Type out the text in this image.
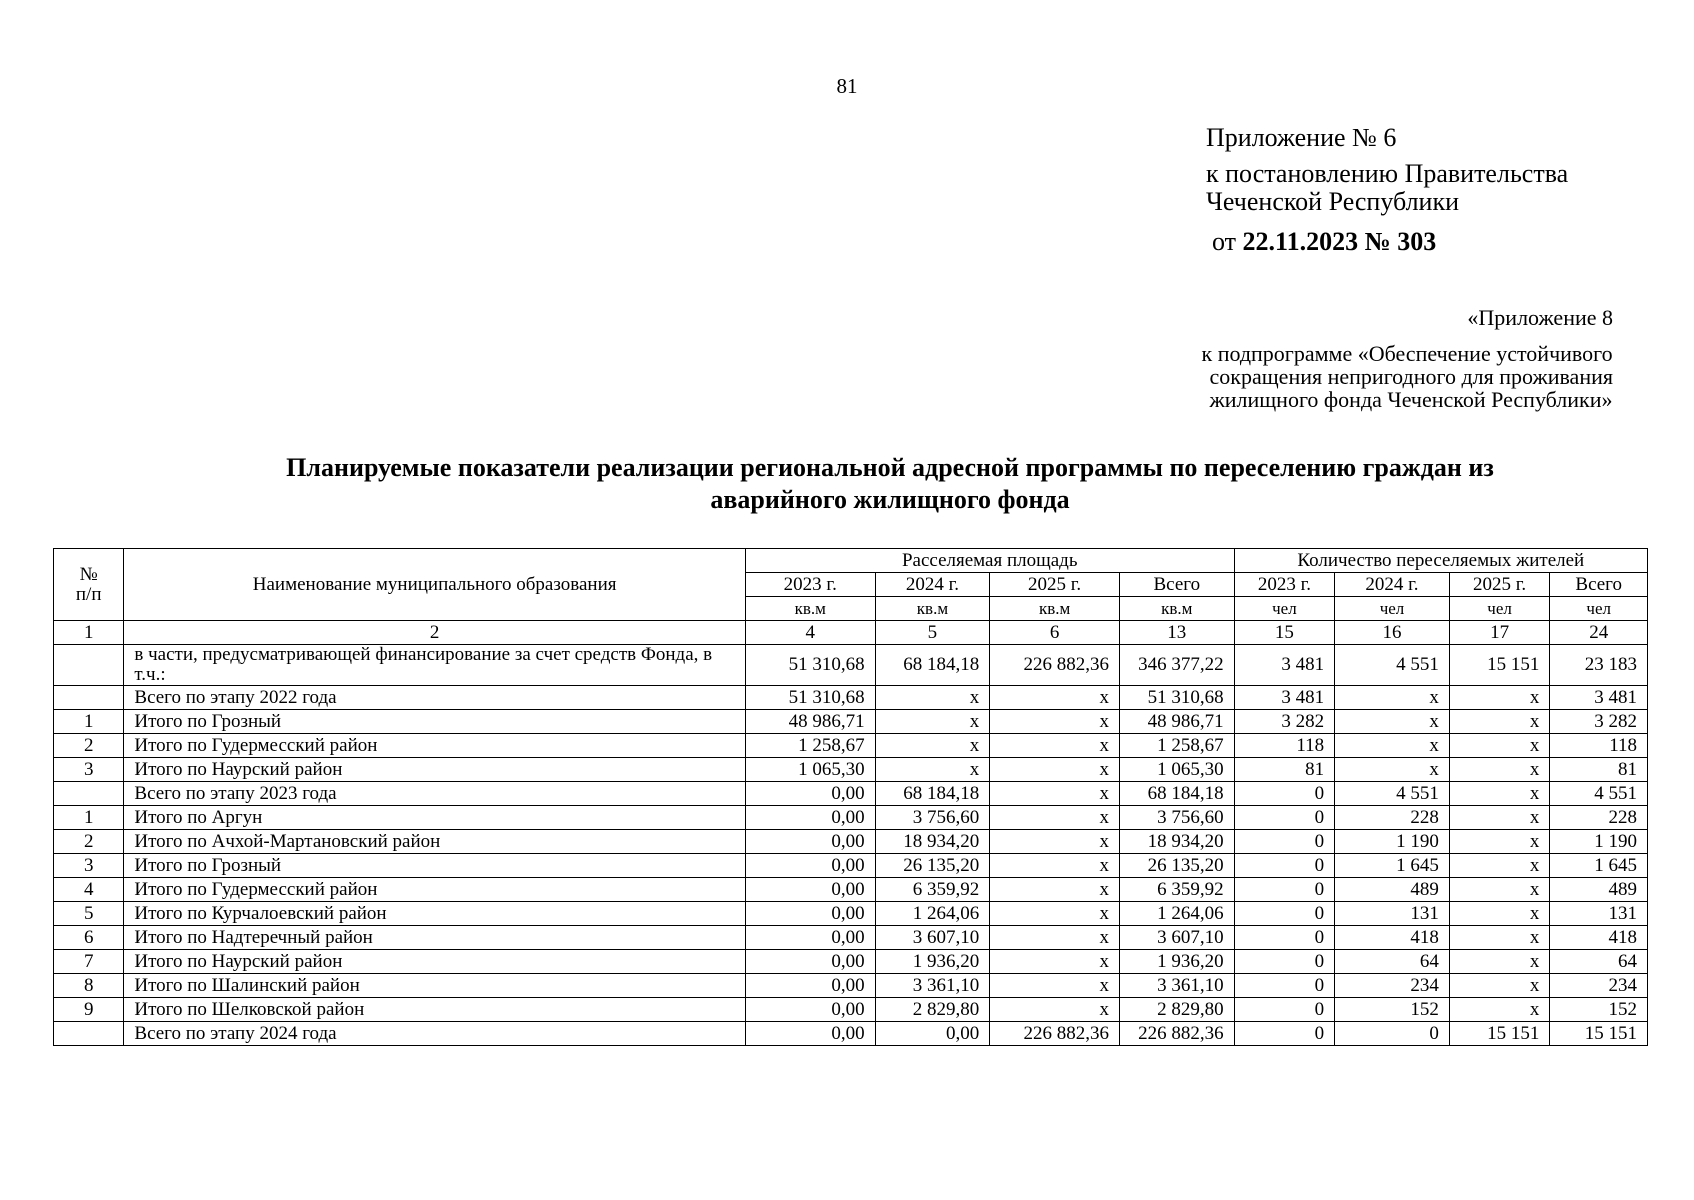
81
Приложение № 6
к постановлению Правительства
Чеченской Республики
от 22.11.2023 № 303
«Приложение 8
к подпрограмме «Обеспечение устойчивого
сокращения непригодного для проживания
жилищного фонда Чеченской Республики»
Планируемые показатели реализации региональной адресной программы по переселению граждан из
аварийного жилищного фонда
№
п/п	Наименование муниципального образования	Расселяемая площадь				Количество переселяемых жителей			
		2023 г.	2024 г.	2025 г.	Всего	2023 г.	2024 г.	2025 г.	Всего
		кв.м	кв.м	кв.м	кв.м	чел	чел	чел	чел
1	2	4	5	6	13	15	16	17	24
	в части, предусматривающей финансирование за счет средств Фонда, в т.ч.:	51 310,68	68 184,18	226 882,36	346 377,22	3 481	4 551	15 151	23 183
	Всего по этапу 2022 года	51 310,68	x	x	51 310,68	3 481	x	x	3 481
1	Итого по Грозный	48 986,71	x	x	48 986,71	3 282	x	x	3 282
2	Итого по Гудермесский район	1 258,67	x	x	1 258,67	118	x	x	118
3	Итого по Наурский район	1 065,30	x	x	1 065,30	81	x	x	81
	Всего по этапу 2023 года	0,00	68 184,18	x	68 184,18	0	4 551	x	4 551
1	Итого по Аргун	0,00	3 756,60	x	3 756,60	0	228	x	228
2	Итого по Ачхой-Мартановский район	0,00	18 934,20	x	18 934,20	0	1 190	x	1 190
3	Итого по Грозный	0,00	26 135,20	x	26 135,20	0	1 645	x	1 645
4	Итого по Гудермесский район	0,00	6 359,92	x	6 359,92	0	489	x	489
5	Итого по Курчалоевский район	0,00	1 264,06	x	1 264,06	0	131	x	131
6	Итого по Надтеречный район	0,00	3 607,10	x	3 607,10	0	418	x	418
7	Итого по Наурский район	0,00	1 936,20	x	1 936,20	0	64	x	64
8	Итого по Шалинский район	0,00	3 361,10	x	3 361,10	0	234	x	234
9	Итого по Шелковской район	0,00	2 829,80	x	2 829,80	0	152	x	152
	Всего по этапу 2024 года	0,00	0,00	226 882,36	226 882,36	0	0	15 151	15 151
